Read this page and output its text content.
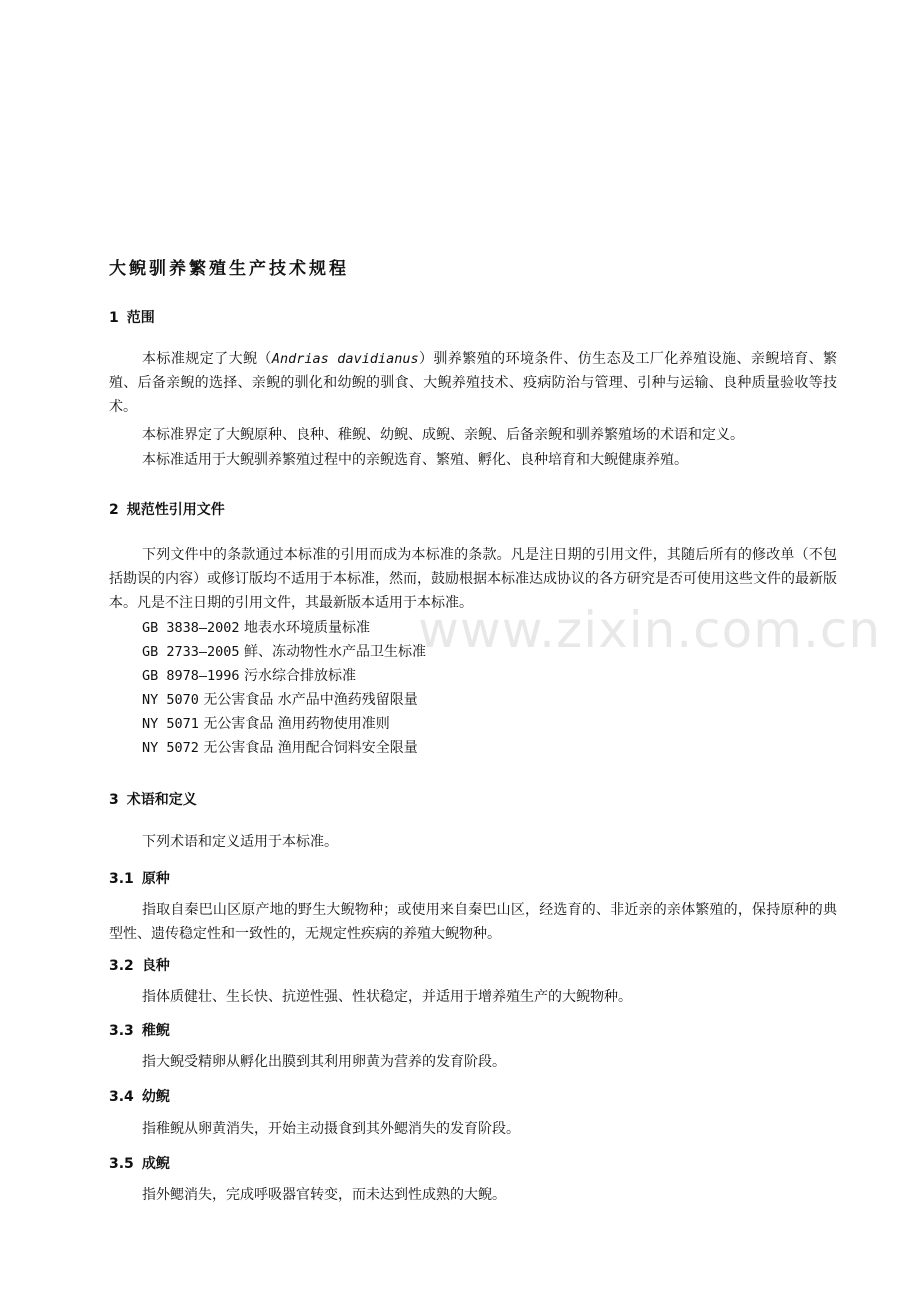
大鲵驯养繁殖生产技术规程
1 范围

本标准规定了大鲵（Andrias davidianus）驯养繁殖的环境条件、仿生态及工厂化养殖设施、亲鲵培育、繁殖、后备亲鲵的选择、亲鲵的驯化和幼鲵的驯食、大鲵养殖技术、疫病防治与管理、引种与运输、良种质量验收等技术。

本标准界定了大鲵原种、良种、稚鲵、幼鲵、成鲵、亲鲵、后备亲鲵和驯养繁殖场的术语和定义。

本标准适用于大鲵驯养繁殖过程中的亲鲵选育、繁殖、孵化、良种培育和大鲵健康养殖。

2 规范性引用文件

下列文件中的条款通过本标准的引用而成为本标准的条款。凡是注日期的引用文件，其随后所有的修改单（不包括勘误的内容）或修订版均不适用于本标准，然而，鼓励根据本标准达成协议的各方研究是否可使用这些文件的最新版本。凡是不注日期的引用文件，其最新版本适用于本标准。

GB 3838—2002 地表水环境质量标准
GB 2733—2005 鲜、冻动物性水产品卫生标准
GB 8978—1996 污水综合排放标准
NY 5070 无公害食品 水产品中渔药残留限量
NY 5071 无公害食品 渔用药物使用准则
NY 5072 无公害食品 渔用配合饲料安全限量
3 术语和定义

下列术语和定义适用于本标准。

3.1 原种

指取自秦巴山区原产地的野生大鲵物种；或使用来自秦巴山区，经选育的、非近亲的亲体繁殖的，保持原种的典型性、遗传稳定性和一致性的，无规定性疾病的养殖大鲵物种。

3.2 良种

指体质健壮、生长快、抗逆性强、性状稳定，并适用于增养殖生产的大鲵物种。

3.3 稚鲵

指大鲵受精卵从孵化出膜到其利用卵黄为营养的发育阶段。

3.4 幼鲵

指稚鲵从卵黄消失，开始主动摄食到其外鳃消失的发育阶段。

3.5 成鲵

指外鳃消失，完成呼吸器官转变，而未达到性成熟的大鲵。

www.zixin.com.cn
